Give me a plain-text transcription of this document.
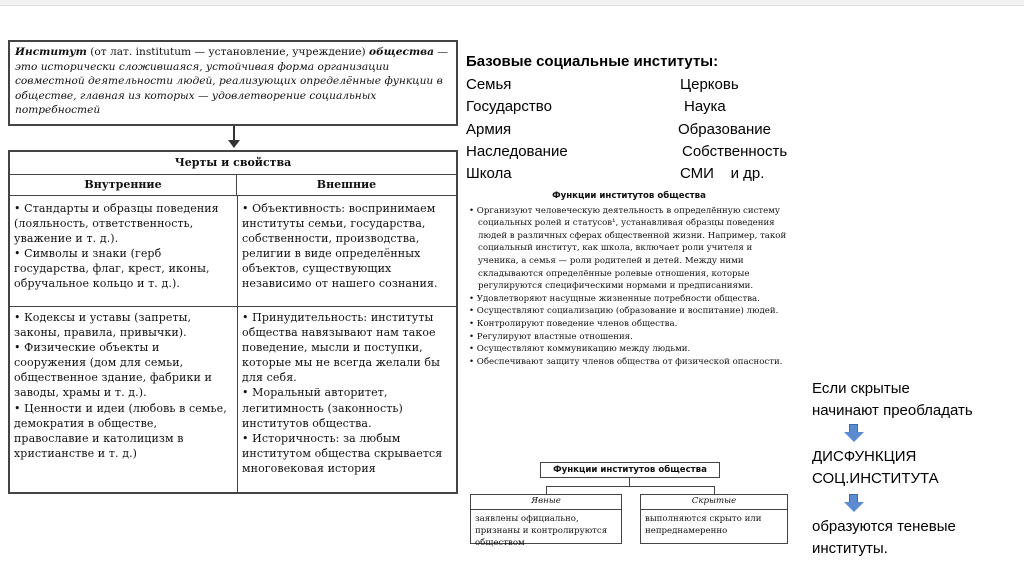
Институт (от лат. institutum — установление, учреждение) общества — это исторически сложившаяся, устойчивая форма организации совместной деятельности людей, реализующих определённые функции в обществе, главная из которых — удовлетворение социальных потребностей
Черты и свойства
Внутренние	Внешние

• Стандарты и образцы поведения (лояльность, ответственность, уважение и т. д.).

• Символы и знаки (герб государства, флаг, крест, иконы, обручальное кольцо и т. д.).

• Объективность: воспринимаем институты семьи, государства, собственности, производства, религии в виде определённых объектов, существующих независимо от нашего сознания.

• Кодексы и уставы (запреты, законы, правила, привычки).

• Физические объекты и сооружения (дом для семьи, общественное здание, фабрики и заводы, храмы и т. д.).

• Ценности и идеи (любовь в семье, демократия в обществе, православие и католицизм в христианстве и т. д.)

• Принудительность: институты общества навязывают нам такое поведение, мысли и поступки, которые мы не всегда желали бы для себя.

• Моральный авторитет, легитимность (законность) институтов общества.

• Историчность: за любым институтом общества скрывается многовековая история

Базовые социальные институты:
Семья
Государство
Армия
Наследование
Школа
Церковь
Наука
Образование
Собственность
СМИ    и др.
Функции институтов общества

• Организуют человеческую деятельность в определённую систему социальных ролей и статусов¹, устанавливая образцы поведения людей в различных сферах общественной жизни. Например, такой социальный институт, как школа, включает роли учителя и ученика, а семья — роли родителей и детей. Между ними складываются определённые ролевые отношения, которые регулируются специфическими нормами и предписаниями.

• Удовлетворяют насущные жизненные потребности общества.

• Осуществляют социализацию (образование и воспитание) людей.

• Контролируют поведение членов общества.

• Регулируют властные отношения.

• Осуществляют коммуникацию между людьми.

• Обеспечивают защиту членов общества от физической опасности.

Функции институтов общества
Явные
заявлены официально, признаны и контролируются обществом
Скрытые
выполняются скрыто или непреднамеренно
Если скрытые
начинают преобладать
ДИСФУНКЦИЯ
СОЦ.ИНСТИТУТА
образуются теневые
институты.
